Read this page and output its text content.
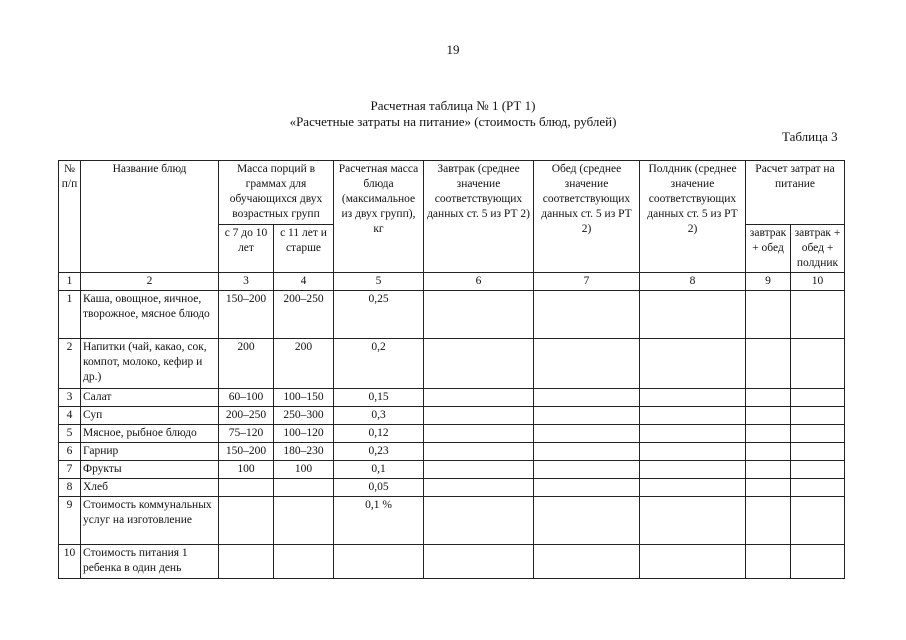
19
Расчетная таблица № 1 (РТ 1)
«Расчетные затраты на питание» (стоимость блюд, рублей)
Таблица 3
№ п/п	Название блюд	Масса порций в граммах для обучающихся двух возрастных групп		Расчетная масса блюда (максимальное из двух групп), кг	Завтрак (среднее значение соответствующих данных ст. 5 из РТ 2)	Обед (среднее значение соответствующих данных ст. 5 из РТ 2)	Полдник (среднее значение соответствующих данных ст. 5 из РТ 2)	Расчет затрат на питание	
		с 7 до 10 лет	с 11 лет и старше					завтрак + обед	завтрак + обед + полдник
1	2	3	4	5	6	7	8	9	10
1	Каша, овощное, яичное, творожное, мясное блюдо	150–200	200–250	0,25					
2	Напитки (чай, какао, сок, компот, молоко, кефир и др.)	200	200	0,2					
3	Салат	60–100	100–150	0,15					
4	Суп	200–250	250–300	0,3					
5	Мясное, рыбное блюдо	75–120	100–120	0,12					
6	Гарнир	150–200	180–230	0,23					
7	Фрукты	100	100	0,1					
8	Хлеб			0,05					
9	Стоимость коммунальных услуг на изготовление			0,1 %					
10	Стоимость питания 1 ребенка в один день								
